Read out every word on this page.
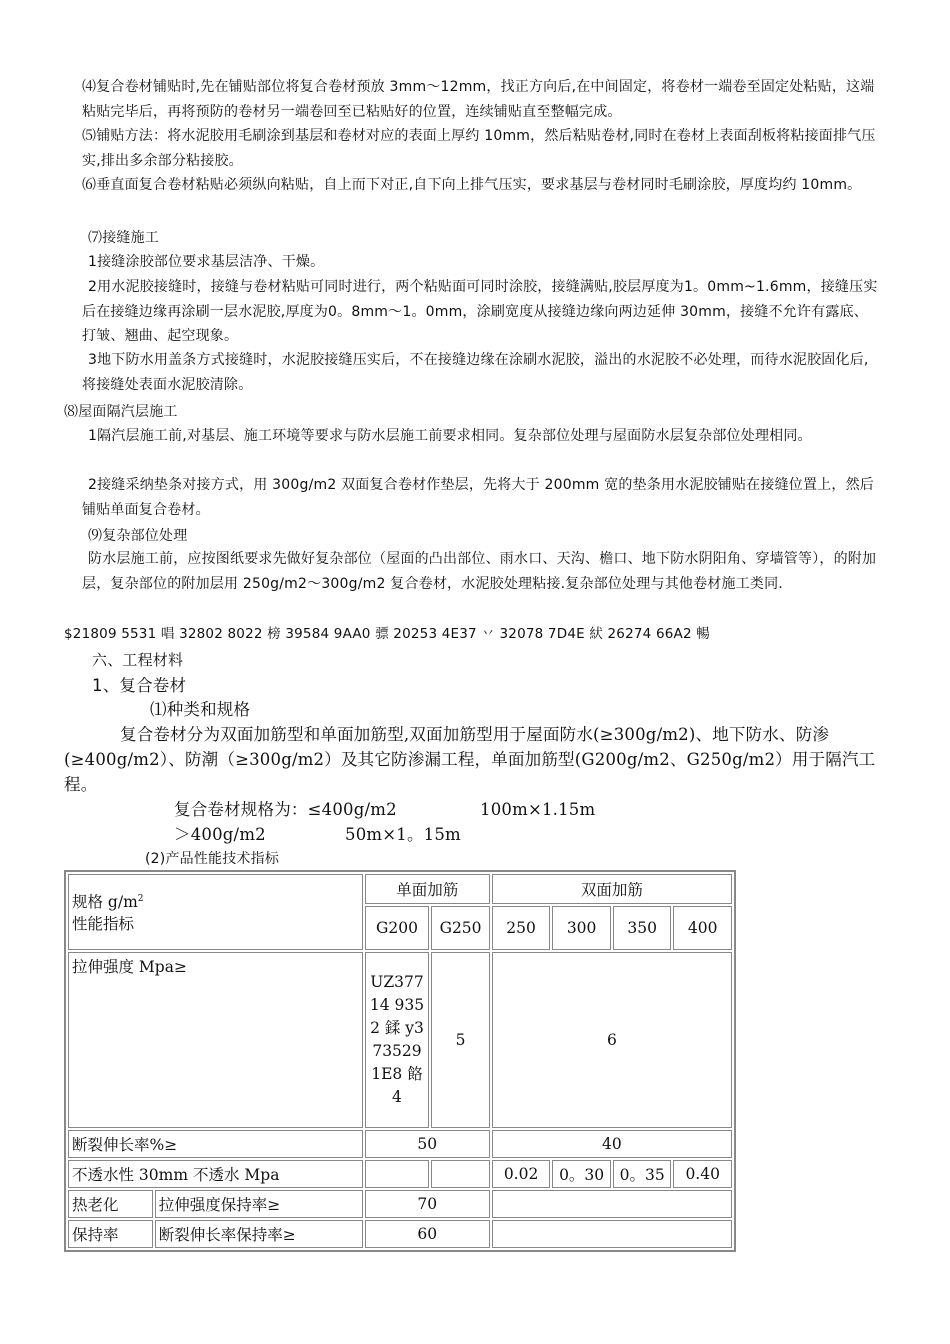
⑷复合卷材铺贴时,先在铺贴部位将复合卷材预放 3mm～12mm，找正方向后,在中间固定，将卷材一端卷至固定处粘贴，这端粘贴完毕后，再将预防的卷材另一端卷回至已粘贴好的位置，连续铺贴直至整幅完成。
⑸铺贴方法：将水泥胶用毛刷涂到基层和卷材对应的表面上厚约 10mm，然后粘贴卷材,同时在卷材上表面刮板将粘接面排气压实,排出多余部分粘接胶。
⑹垂直面复合卷材粘贴必须纵向粘贴，自上而下对正,自下向上排气压实，要求基层与卷材同时毛刷涂胶，厚度均约 10mm。
⑺接缝施工
1接缝涂胶部位要求基层洁净、干燥。
2用水泥胶接缝时，接缝与卷材粘贴可同时进行，两个粘贴面可同时涂胶，接缝满贴,胶层厚度为1。0mm~1.6mm，接缝压实后在接缝边缘再涂刷一层水泥胶,厚度为0。8mm～1。0mm，涂刷宽度从接缝边缘向两边延伸 30mm，接缝不允许有露底、打皱、翘曲、起空现象。
3地下防水用盖条方式接缝时，水泥胶接缝压实后，不在接缝边缘在涂刷水泥胶，溢出的水泥胶不必处理，而待水泥胶固化后,将接缝处表面水泥胶清除。
⑻屋面隔汽层施工
1隔汽层施工前,对基层、施工环境等要求与防水层施工前要求相同。复杂部位处理与屋面防水层复杂部位处理相同。
2接缝采纳垫条对接方式，用 300g/m2 双面复合卷材作垫层，先将大于 200mm 宽的垫条用水泥胶铺贴在接缝位置上，然后铺贴单面复合卷材。
⑼复杂部位处理
防水层施工前，应按图纸要求先做好复杂部位（屋面的凸出部位、雨水口、天沟、檐口、地下防水阴阳角、穿墙管等），的附加层，复杂部位的附加层用 250g/m2～300g/m2 复合卷材，水泥胶处理粘接.复杂部位处理与其他卷材施工类同.
$21809 5531 唱 32802 8022 榜 39584 9AA0 骠 20253 4E37 丷 32078 7D4E 紎 26274 66A2 暢
六、工程材料
1、复合卷材
⑴种类和规格
复合卷材分为双面加筋型和单面加筋型,双面加筋型用于屋面防水(≥300g/m2)、地下防水、防渗(≥400g/m2）、防潮（≥300g/m2）及其它防渗漏工程，单面加筋型(G200g/m2、G250g/m2）用于隔汽工程。
复合卷材规格为：≤400g/m2	100m×1.15m
＞400g/m2	50m×1。15m
(2)产品性能技术指标
规格 $g/m^2$
性能指标		单面加筋		双面加筋			
		G200	G250	250	300	350	400
拉伸强度 Mpa≥		UZ37714 9352 鍒 y3735291E8 餎 4	5	6			
断裂伸长率%≥		50		40			
不透水性 30mm 不透水 Mpa				0.02	0。30	0。35	0.40
热老化	拉伸强度保持率≥	70					
保持率	断裂伸长率保持率≥	60					
